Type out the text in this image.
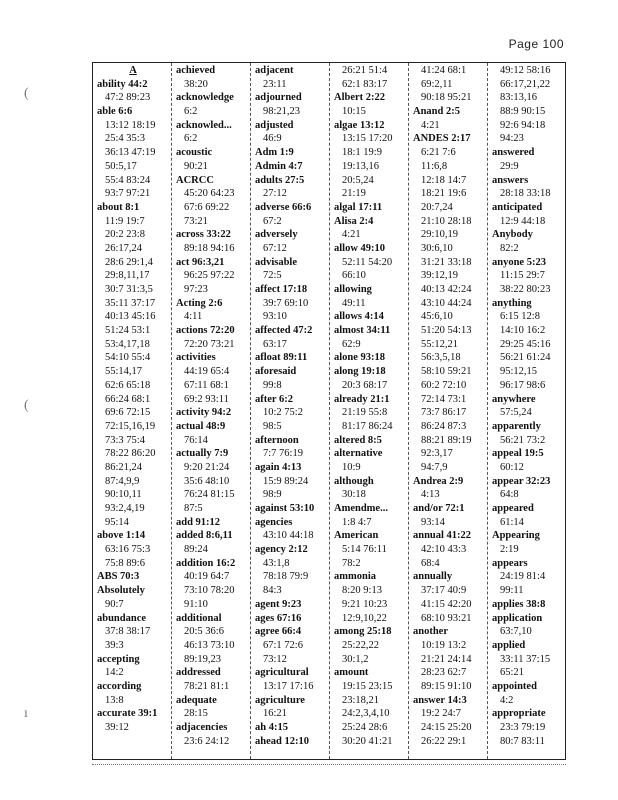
Page 100
A
ability 44:2
47:2 89:23
able 6:6
13:12 18:19
25:4 35:3
36:13 47:19
50:5,17
55:4 83:24
93:7 97:21
about 8:1
11:9 19:7
20:2 23:8
26:17,24
28:6 29:1,4
29:8,11,17
30:7 31:3,5
35:11 37:17
40:13 45:16
51:24 53:1
53:4,17,18
54:10 55:4
55:14,17
62:6 65:18
66:24 68:1
69:6 72:15
72:15,16,19
73:3 75:4
78:22 86:20
86:21,24
87:4,9,9
90:10,11
93:2,4,19
95:14
above 1:14
63:16 75:3
75:8 89:6
ABS 70:3
Absolutely
90:7
abundance
37:8 38:17
39:3
accepting
14:2
according
13:8
accurate 39:1
39:12
achieved
38:20
acknowledge
6:2
acknowled...
6:2
acoustic
90:21
ACRCC
45:20 64:23
67:6 69:22
73:21
across 33:22
89:18 94:16
act 96:3,21
96:25 97:22
97:23
Acting 2:6
4:11
actions 72:20
72:20 73:21
activities
44:19 65:4
67:11 68:1
69:2 93:11
activity 94:2
actual 48:9
76:14
actually 7:9
9:20 21:24
35:6 48:10
76:24 81:15
87:5
add 91:12
added 8:6,11
89:24
addition 16:2
40:19 64:7
73:10 78:20
91:10
additional
20:5 36:6
46:13 73:10
89:19,23
addressed
78:21 81:1
adequate
28:15
adjacencies
23:6 24:12
adjacent
23:11
adjourned
98:21,23
adjusted
46:9
Adm 1:9
Admin 4:7
adults 27:5
27:12
adverse 66:6
67:2
adversely
67:12
advisable
72:5
affect 17:18
39:7 69:10
93:10
affected 47:2
63:17
afloat 89:11
aforesaid
99:8
after 6:2
10:2 75:2
98:5
afternoon
7:7 76:19
again 4:13
15:9 89:24
98:9
against 53:10
agencies
43:10 44:18
agency 2:12
43:1,8
78:18 79:9
84:3
agent 9:23
ages 67:16
agree 66:4
67:1 72:6
73:12
agricultural
13:17 17:16
agriculture
16:21
ah 4:15
ahead 12:10
26:21 51:4
62:1 83:17
Albert 2:22
10:15
algae 13:12
13:15 17:20
18:1 19:9
19:13,16
20:5,24
21:19
algal 17:11
Alisa 2:4
4:21
allow 49:10
52:11 54:20
66:10
allowing
49:11
allows 4:14
almost 34:11
62:9
alone 93:18
along 19:18
20:3 68:17
already 21:1
21:19 55:8
81:17 86:24
altered 8:5
alternative
10:9
although
30:18
Amendme...
1:8 4:7
American
5:14 76:11
78:2
ammonia
8:20 9:13
9:21 10:23
12:9,10,22
among 25:18
25:22,22
30:1,2
amount
19:15 23:15
23:18,21
24:2,3,4,10
25:24 28:6
30:20 41:21
41:24 68:1
69:2,11
90:18 95:21
Anand 2:5
4:21
ANDES 2:17
6:21 7:6
11:6,8
12:18 14:7
18:21 19:6
20:7,24
21:10 28:18
29:10,19
30:6,10
31:21 33:18
39:12,19
40:13 42:24
43:10 44:24
45:6,10
51:20 54:13
55:12,21
56:3,5,18
58:10 59:21
60:2 72:10
72:14 73:1
73:7 86:17
86:24 87:3
88:21 89:19
92:3,17
94:7,9
Andrea 2:9
4:13
and/or 72:1
93:14
annual 41:22
42:10 43:3
68:4
annually
37:17 40:9
41:15 42:20
68:10 93:21
another
10:19 13:2
21:21 24:14
28:23 62:7
89:15 91:10
answer 14:3
19:2 24:7
24:15 25:20
26:22 29:1
49:12 58:16
66:17,21,22
83:13,16
88:9 90:15
92:6 94:18
94:23
answered
29:9
answers
28:18 33:18
anticipated
12:9 44:18
Anybody
82:2
anyone 5:23
11:15 29:7
38:22 80:23
anything
6:15 12:8
14:10 16:2
29:25 45:16
56:21 61:24
95:12,15
96:17 98:6
anywhere
57:5,24
apparently
56:21 73:2
appeal 19:5
60:12
appear 32:23
64:8
appeared
61:14
Appearing
2:19
appears
24:19 81:4
99:11
applies 38:8
application
63:7,10
applied
33:11 37:15
65:21
appointed
4:2
appropriate
23:3 79:19
80:7 83:11
(
(
ı
